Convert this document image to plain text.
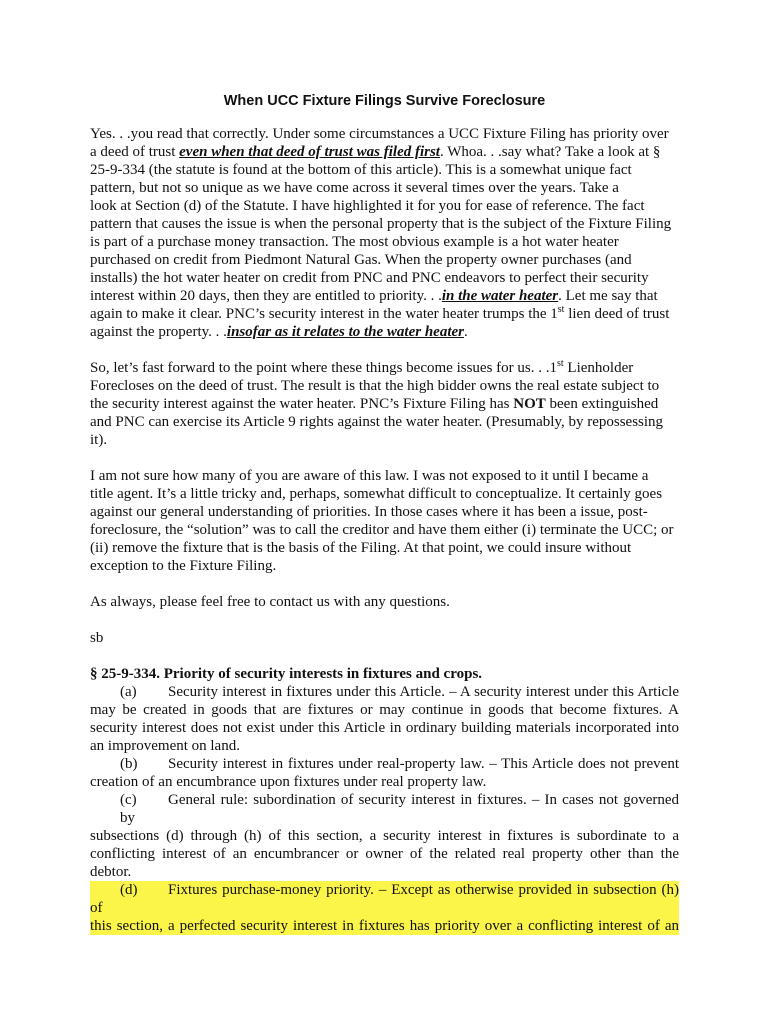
When UCC Fixture Filings Survive Foreclosure
Yes. . .you read that correctly. Under some circumstances a UCC Fixture Filing has priority over
a deed of trust even when that deed of trust was filed first. Whoa. . .say what? Take a look at §
25-9-334 (the statute is found at the bottom of this article). This is a somewhat unique fact
pattern, but not so unique as we have come across it several times over the years. Take a
look at Section (d) of the Statute. I have highlighted it for you for ease of reference. The fact
pattern that causes the issue is when the personal property that is the subject of the Fixture Filing
is part of a purchase money transaction. The most obvious example is a hot water heater
purchased on credit from Piedmont Natural Gas. When the property owner purchases (and
installs) the hot water heater on credit from PNC and PNC endeavors to perfect their security
interest within 20 days, then they are entitled to priority. . .in the water heater. Let me say that
again to make it clear. PNC’s security interest in the water heater trumps the 1st lien deed of trust
against the property. . .insofar as it relates to the water heater.
So, let’s fast forward to the point where these things become issues for us. . .1st Lienholder
Forecloses on the deed of trust. The result is that the high bidder owns the real estate subject to
the security interest against the water heater. PNC’s Fixture Filing has NOT been extinguished
and PNC can exercise its Article 9 rights against the water heater. (Presumably, by repossessing
it).
I am not sure how many of you are aware of this law. I was not exposed to it until I became a
title agent. It’s a little tricky and, perhaps, somewhat difficult to conceptualize. It certainly goes
against our general understanding of priorities. In those cases where it has been a issue, post-
foreclosure, the “solution” was to call the creditor and have them either (i) terminate the UCC; or
(ii) remove the fixture that is the basis of the Filing. At that point, we could insure without
exception to the Fixture Filing.
As always, please feel free to contact us with any questions.
sb
§ 25-9-334. Priority of security interests in fixtures and crops.
(a) Security interest in fixtures under this Article. – A security interest under this Article
may be created in goods that are fixtures or may continue in goods that become fixtures. A
security interest does not exist under this Article in ordinary building materials incorporated into
an improvement on land.
(b) Security interest in fixtures under real-property law. – This Article does not prevent
creation of an encumbrance upon fixtures under real property law.
(c) General rule: subordination of security interest in fixtures. – In cases not governed by
subsections (d) through (h) of this section, a security interest in fixtures is subordinate to a
conflicting interest of an encumbrancer or owner of the related real property other than the
debtor.
(d) Fixtures purchase-money priority. – Except as otherwise provided in subsection (h) of
this section, a perfected security interest in fixtures has priority over a conflicting interest of an
